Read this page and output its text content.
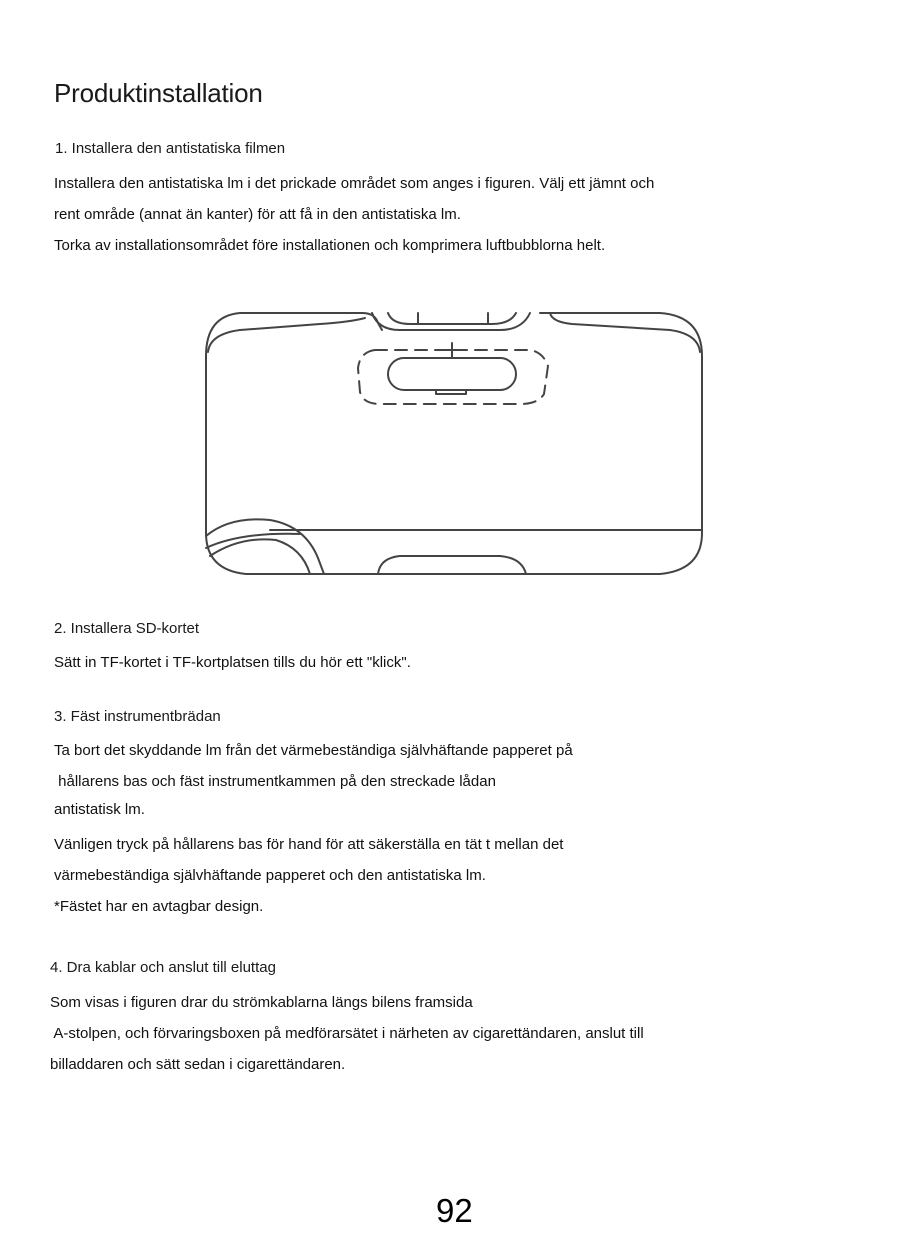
Produktinstallation
1. Installera den antistatiska filmen
Installera den antistatiska lm i det prickade området som anges i figuren. Välj ett jämnt och
rent område (annat än kanter) för att få in den antistatiska lm.
Torka av installationsområdet före installationen och komprimera luftbubblorna helt.
2. Installera SD-kortet
Sätt in TF-kortet i TF-kortplatsen tills du hör ett "klick".
3. Fäst instrumentbrädan
Ta bort det skyddande lm från det värmebeständiga självhäftande papperet på
hållarens bas och fäst instrumentkammen på den streckade lådan
antistatisk lm.
Vänligen tryck på hållarens bas för hand för att säkerställa en tät t mellan det
värmebeständiga självhäftande papperet och den antistatiska lm.
*Fästet har en avtagbar design.
4. Dra kablar och anslut till eluttag
Som visas i figuren drar du strömkablarna längs bilens framsida
A-stolpen, och förvaringsboxen på medförarsätet i närheten av cigarettändaren, anslut till
billaddaren och sätt sedan i cigarettändaren.
92
